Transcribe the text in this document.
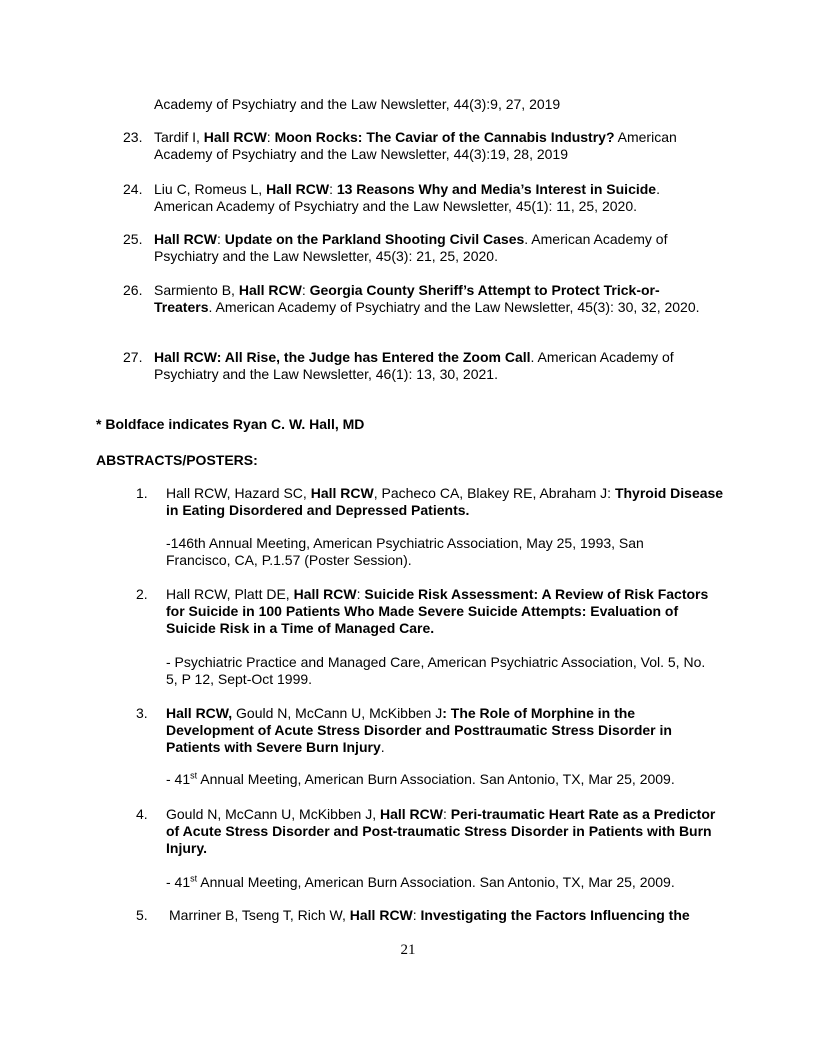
Academy of Psychiatry and the Law Newsletter, 44(3):9, 27, 2019
23. Tardif I, Hall RCW: Moon Rocks: The Caviar of the Cannabis Industry? American Academy of Psychiatry and the Law Newsletter, 44(3):19, 28, 2019
24. Liu C, Romeus L, Hall RCW: 13 Reasons Why and Media’s Interest in Suicide. American Academy of Psychiatry and the Law Newsletter, 45(1): 11, 25, 2020.
25. Hall RCW: Update on the Parkland Shooting Civil Cases. American Academy of Psychiatry and the Law Newsletter, 45(3): 21, 25, 2020.
26. Sarmiento B, Hall RCW: Georgia County Sheriff’s Attempt to Protect Trick-or-Treaters. American Academy of Psychiatry and the Law Newsletter, 45(3): 30, 32, 2020.
27. Hall RCW: All Rise, the Judge has Entered the Zoom Call. American Academy of Psychiatry and the Law Newsletter, 46(1): 13, 30, 2021.
* Boldface indicates Ryan C. W. Hall, MD
ABSTRACTS/POSTERS:
1.	Hall RCW, Hazard SC, Hall RCW, Pacheco CA, Blakey RE, Abraham J: Thyroid Disease in Eating Disordered and Depressed Patients.
-146th Annual Meeting, American Psychiatric Association, May 25, 1993, San Francisco, CA, P.1.57 (Poster Session).
2.	Hall RCW, Platt DE, Hall RCW: Suicide Risk Assessment: A Review of Risk Factors for Suicide in 100 Patients Who Made Severe Suicide Attempts: Evaluation of Suicide Risk in a Time of Managed Care.
- Psychiatric Practice and Managed Care, American Psychiatric Association, Vol. 5, No. 5, P 12, Sept-Oct 1999.
3.	Hall RCW, Gould N, McCann U, McKibben J: The Role of Morphine in the Development of Acute Stress Disorder and Posttraumatic Stress Disorder in Patients with Severe Burn Injury.
- 41st Annual Meeting, American Burn Association. San Antonio, TX, Mar 25, 2009.
4.	Gould N, McCann U, McKibben J, Hall RCW: Peri-traumatic Heart Rate as a Predictor of Acute Stress Disorder and Post-traumatic Stress Disorder in Patients with Burn Injury.
- 41st Annual Meeting, American Burn Association. San Antonio, TX, Mar 25, 2009.
5.	Marriner B, Tseng T, Rich W, Hall RCW: Investigating the Factors Influencing the
21
